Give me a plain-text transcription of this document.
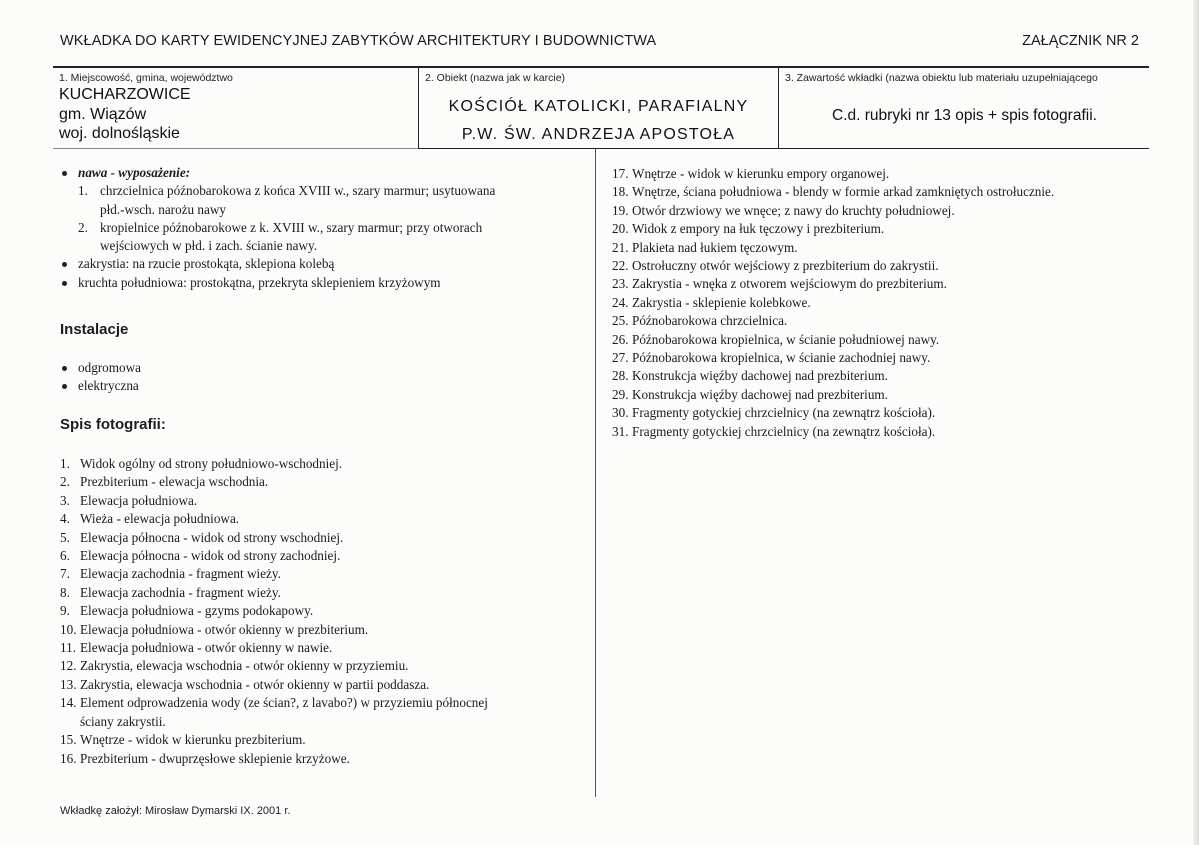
WKŁADKA DO KARTY EWIDENCYJNEJ ZABYTKÓW ARCHITEKTURY I BUDOWNICTWA	ZAŁĄCZNIK NR 2
1. Miejscowość, gmina, województwo
KUCHARZOWICE
gm. Wiązów
woj. dolnośląskie
2. Obiekt (nazwa jak w karcie)
KOŚCIÓŁ KATOLICKI, PARAFIALNY
P.W. ŚW. ANDRZEJA APOSTOŁA
3. Zawartość wkładki (nazwa obiektu lub materiału uzupełniającego
C.d. rubryki nr 13 opis + spis fotografii.
nawa - wyposażenie:
1. chrzcielnica późnobarokowa z końca XVIII w., szary marmur; usytuowana
płd.-wsch. narożu nawy
2. kropielnice późnobarokowe z k. XVIII w., szary marmur; przy otworach
wejściowych w płd. i zach. ścianie nawy.
zakrystia: na rzucie prostokąta, sklepiona kolebą
kruchta południowa: prostokątna, przekryta sklepieniem krzyżowym
Instalacje
odgromowa
elektryczna
Spis fotografii:
1. Widok ogólny od strony południowo-wschodniej.
2. Prezbiterium - elewacja wschodnia.
3. Elewacja południowa.
4. Wieża - elewacja południowa.
5. Elewacja północna - widok od strony wschodniej.
6. Elewacja północna - widok od strony zachodniej.
7. Elewacja zachodnia - fragment wieży.
8. Elewacja zachodnia - fragment wieży.
9. Elewacja południowa - gzyms podokapowy.
10. Elewacja południowa - otwór okienny w prezbiterium.
11. Elewacja południowa - otwór okienny w nawie.
12. Zakrystia, elewacja wschodnia - otwór okienny w przyziemiu.
13. Zakrystia, elewacja wschodnia - otwór okienny w partii poddasza.
14. Element odprowadzenia wody (ze ścian?, z lavabo?) w przyziemiu północnej
ściany zakrystii.
15. Wnętrze - widok w kierunku prezbiterium.
16. Prezbiterium - dwuprzęsłowe sklepienie krzyżowe.
17. Wnętrze - widok w kierunku empory organowej.
18. Wnętrze, ściana południowa - blendy w formie arkad zamkniętych ostrołucznie.
19. Otwór drzwiowy we wnęce; z nawy do kruchty południowej.
20. Widok z empory na łuk tęczowy i prezbiterium.
21. Plakieta nad łukiem tęczowym.
22. Ostrołuczny otwór wejściowy z prezbiterium do zakrystii.
23. Zakrystia - wnęka z otworem wejściowym do prezbiterium.
24. Zakrystia - sklepienie kolebkowe.
25. Późnobarokowa chrzcielnica.
26. Późnobarokowa kropielnica, w ścianie południowej nawy.
27. Późnobarokowa kropielnica, w ścianie zachodniej nawy.
28. Konstrukcja więźby dachowej nad prezbiterium.
29. Konstrukcja więźby dachowej nad prezbiterium.
30. Fragmenty gotyckiej chrzcielnicy (na zewnątrz kościoła).
31. Fragmenty gotyckiej chrzcielnicy (na zewnątrz kościoła).
Wkładkę założył: Mirosław Dymarski IX. 2001 r.
